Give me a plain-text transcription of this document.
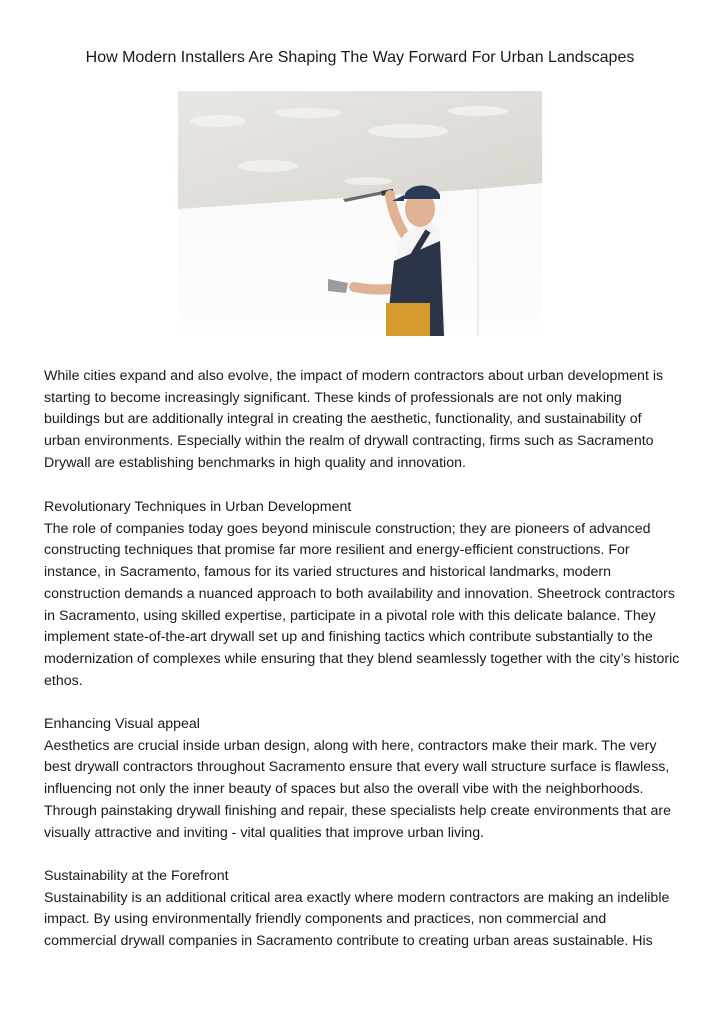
How Modern Installers Are Shaping The Way Forward For Urban Landscapes

While cities expand and also evolve, the impact of modern contractors about urban development is starting to become increasingly significant. These kinds of professionals are not only making buildings but are additionally integral in creating the aesthetic, functionality, and sustainability of urban environments. Especially within the realm of drywall contracting, firms such as Sacramento Drywall are establishing benchmarks in high quality and innovation.

Revolutionary Techniques in Urban Development

The role of companies today goes beyond miniscule construction; they are pioneers of advanced constructing techniques that promise far more resilient and energy-efficient constructions. For instance, in Sacramento, famous for its varied structures and historical landmarks, modern construction demands a nuanced approach to both availability and innovation. Sheetrock contractors in Sacramento, using skilled expertise, participate in a pivotal role with this delicate balance. They implement state-of-the-art drywall set up and finishing tactics which contribute substantially to the modernization of complexes while ensuring that they blend seamlessly together with the city’s historic ethos.

Enhancing Visual appeal

Aesthetics are crucial inside urban design, along with here, contractors make their mark. The very best drywall contractors throughout Sacramento ensure that every wall structure surface is flawless, influencing not only the inner beauty of spaces but also the overall vibe with the neighborhoods. Through painstaking drywall finishing and repair, these specialists help create environments that are visually attractive and inviting - vital qualities that improve urban living.

Sustainability at the Forefront

Sustainability is an additional critical area exactly where modern contractors are making an indelible impact. By using environmentally friendly components and practices, non commercial and commercial drywall companies in Sacramento contribute to creating urban areas sustainable. His
